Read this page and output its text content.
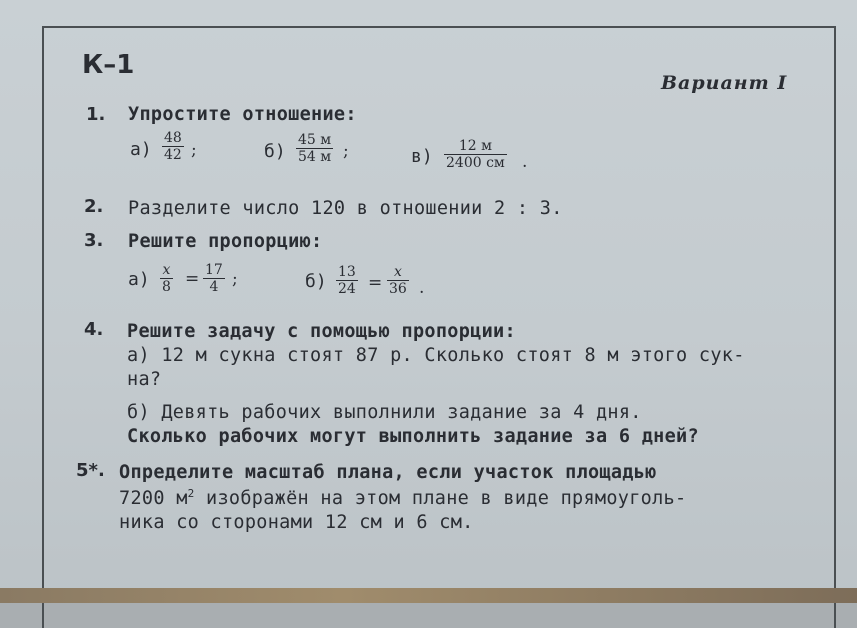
К–1
Вариант I
1. Упростите отношение:
$а) \frac{48}{42}$ ;	б)
45 м
54 м ;	в)	12 м
2400 см .
2. Разделите число 120 в отношении 2 : 3.
3. Решите пропорцию:
$а) \frac{x}{8} = \frac{17}{4}$ ;	$б) \frac{13}{24} = \frac{x}{36}$ .
4. Решите задачу с помощью пропорции:
а) 12 м сукна стоят 87 р. Сколько стоят 8 м этого сук-
на?
б) Девять рабочих выполнили задание за 4 дня.
Сколько рабочих могут выполнить задание за 6 дней?
5*. Определите масштаб плана, если участок площадью
7200 $м^2$ изображён на этом плане в виде прямоуголь-
ника со сторонами 12 см и 6 см.
